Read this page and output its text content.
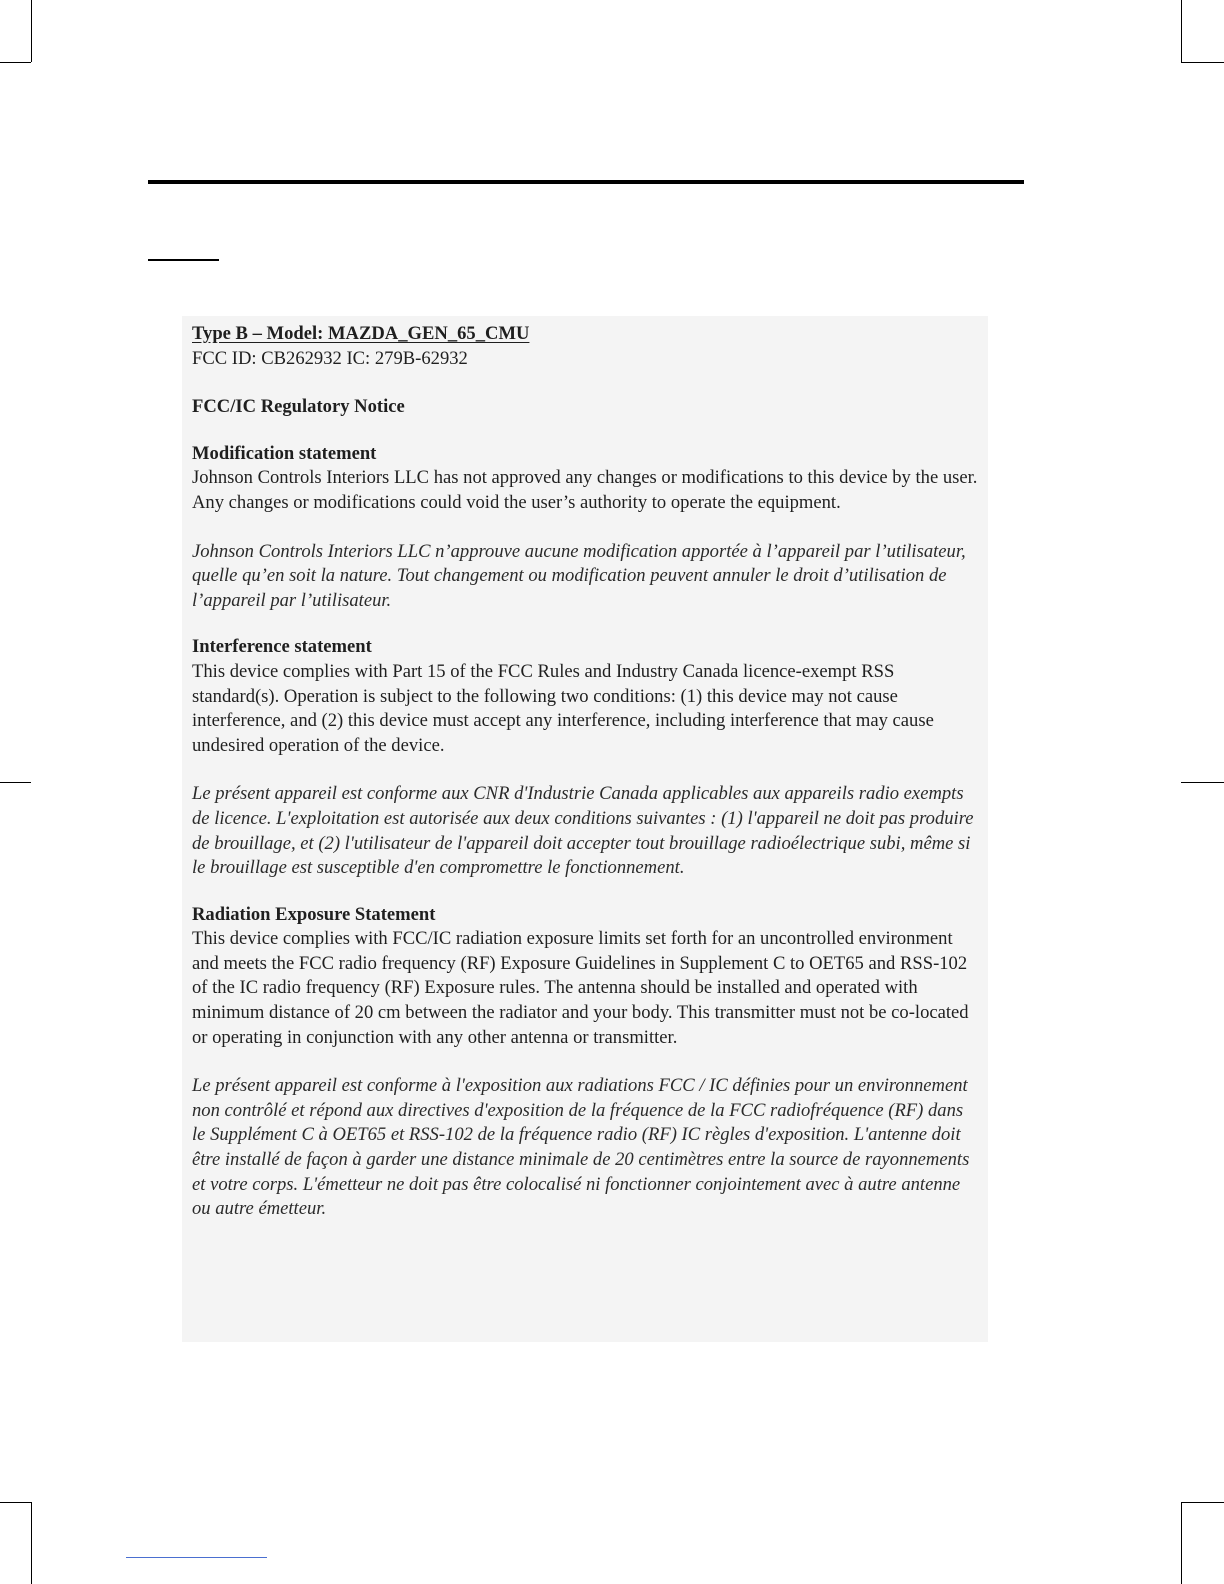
Type B – Model: MAZDA_GEN_65_CMU

FCC ID: CB262932 IC: 279B-62932

FCC/IC Regulatory Notice

Modification statement

Johnson Controls Interiors LLC has not approved any changes or modifications to this device by the user. Any changes or modifications could void the user’s authority to operate the equipment.

Johnson Controls Interiors LLC n’approuve aucune modification apportée à l’appareil par l’utilisateur, quelle qu’en soit la nature. Tout changement ou modification peuvent annuler le droit d’utilisation de l’appareil par l’utilisateur.

Interference statement

This device complies with Part 15 of the FCC Rules and Industry Canada licence-exempt RSS standard(s). Operation is subject to the following two conditions: (1) this device may not cause interference, and (2) this device must accept any interference, including interference that may cause undesired operation of the device.

Le présent appareil est conforme aux CNR d'Industrie Canada applicables aux appareils radio exempts de licence. L'exploitation est autorisée aux deux conditions suivantes : (1) l'appareil ne doit pas produire de brouillage, et (2) l'utilisateur de l'appareil doit accepter tout brouillage radioélectrique subi, même si le brouillage est susceptible d'en compromettre le fonctionnement.

Radiation Exposure Statement

This device complies with FCC/IC radiation exposure limits set forth for an uncontrolled environment and meets the FCC radio frequency (RF) Exposure Guidelines in Supplement C to OET65 and RSS-102 of the IC radio frequency (RF) Exposure rules. The antenna should be installed and operated with minimum distance of 20 cm between the radiator and your body. This transmitter must not be co-located or operating in conjunction with any other antenna or transmitter.

Le présent appareil est conforme à l'exposition aux radiations FCC / IC définies pour un environnement non contrôlé et répond aux directives d'exposition de la fréquence de la FCC radiofréquence (RF) dans le Supplément C à OET65 et RSS-102 de la fréquence radio (RF) IC règles d'exposition. L'antenne doit être installé de façon à garder une distance minimale de 20 centimètres entre la source de rayonnements et votre corps. L'émetteur ne doit pas être colocalisé ni fonctionner conjointement avec à autre antenne ou autre émetteur.
